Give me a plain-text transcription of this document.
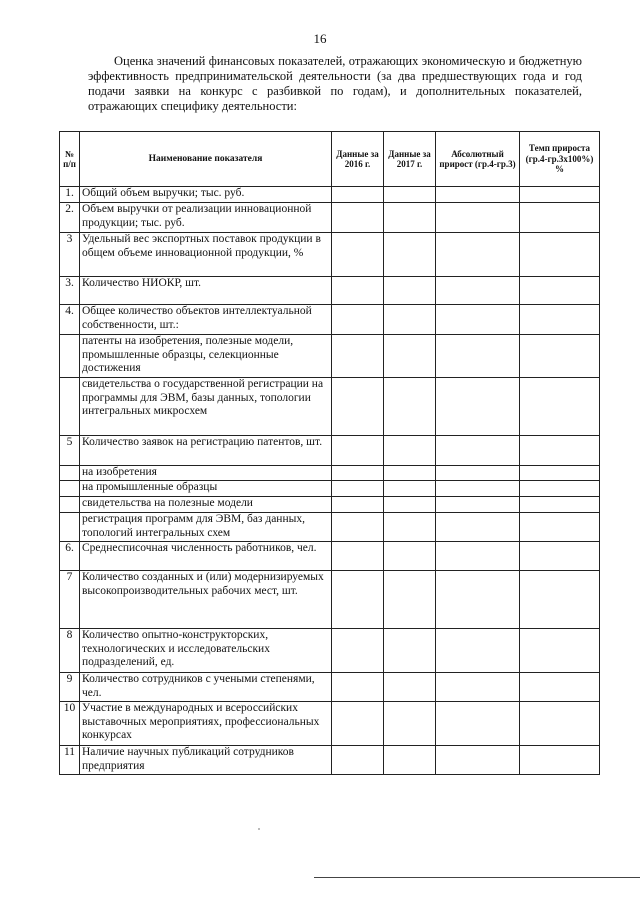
16

Оценка значений финансовых показателей, отражающих экономическую и бюджетную эффективность предпринимательской деятельности (за два предшествующих года и год подачи заявки на конкурс с разбивкой по годам), и дополнительных показателей, отражающих специфику деятельности:

№ п/п	Наименование показателя	Данные за 2016 г.	Данные за 2017 г.	Абсолютный прирост (гр.4-гр.3)	Темп прироста (гр.4-гр.3х100%) %
1.	Общий объем выручки; тыс. руб.				
2.	Объем выручки от реализации инновационной продукции; тыс. руб.				
3	Удельный вес экспортных поставок продукции в общем объеме инновационной продукции, %				
3.	Количество НИОКР, шт.				
4.	Общее количество объектов интеллектуальной собственности, шт.:				
	патенты на изобретения, полезные модели, промышленные образцы, селекционные достижения				
	свидетельства о государственной регистрации на программы для ЭВМ, базы данных, топологии интегральных микросхем				
5	Количество заявок на регистрацию патентов, шт.				
	на изобретения				
	на промышленные образцы				
	свидетельства на полезные модели				
	регистрация программ для ЭВМ, баз данных, топологий интегральных схем				
6.	Среднесписочная численность работников, чел.				
7	Количество созданных и (или) модернизируемых высокопроизводительных рабочих мест, шт.				
8	Количество опытно-конструкторских, технологических и исследовательских подразделений, ед.				
9	Количество сотрудников с учеными степенями, чел.				
10	Участие в международных и всероссийских выставочных мероприятиях, профессиональных конкурсах				
11	Наличие научных публикаций сотрудников предприятия				
